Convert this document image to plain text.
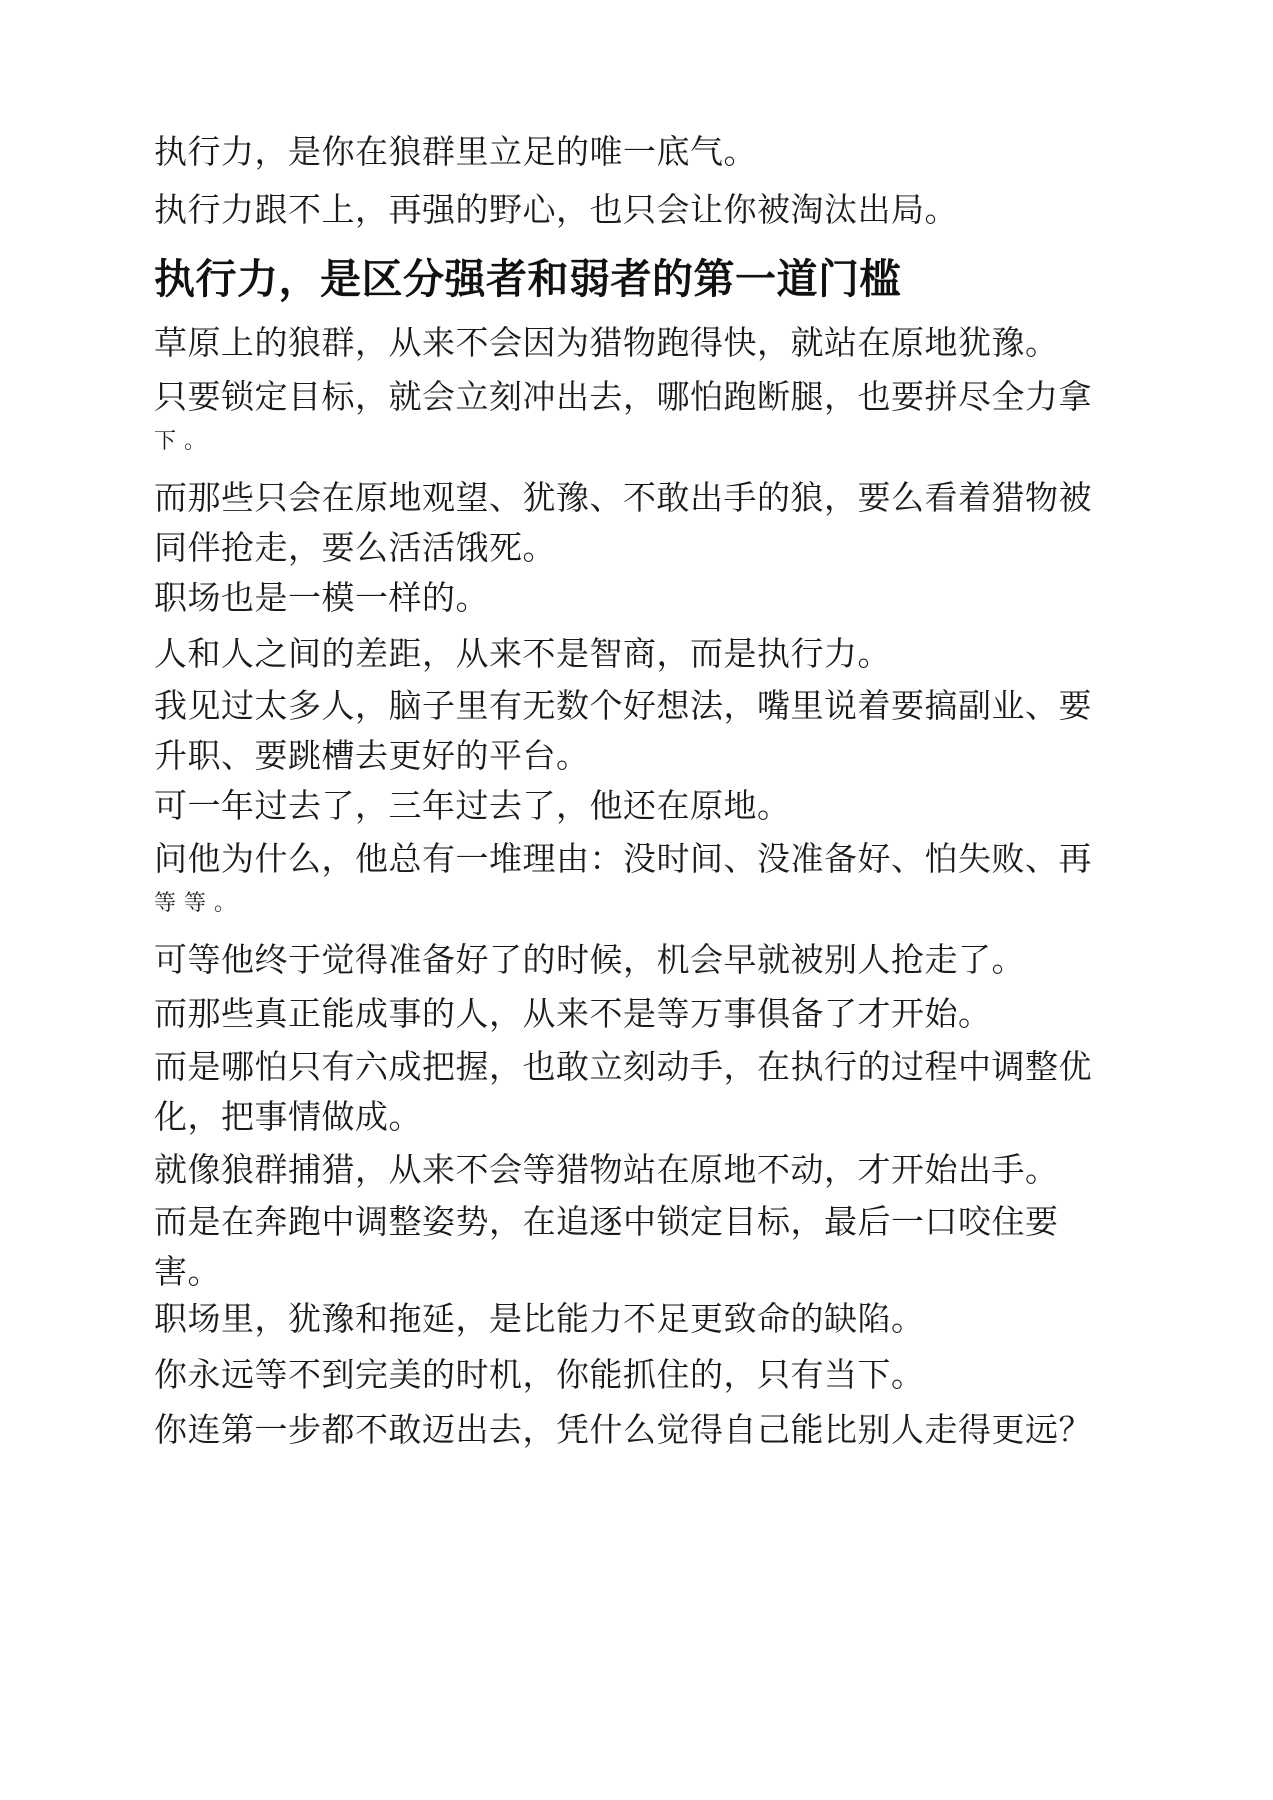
执行力，是你在狼群里立足的唯一底气。

执行力跟不上，再强的野心，也只会让你被淘汰出局。

执行力，是区分强者和弱者的第一道门槛

草原上的狼群，从来不会因为猎物跑得快，就站在原地犹豫。

只要锁定目标，就会立刻冲出去，哪怕跑断腿，也要拼尽全力拿
下 。

而那些只会在原地观望、犹豫、不敢出手的狼，要么看着猎物被
同伴抢走，要么活活饿死。

职场也是一模一样的。

人和人之间的差距，从来不是智商，而是执行力。

我见过太多人，脑子里有无数个好想法，嘴里说着要搞副业、要
升职、要跳槽去更好的平台。

可一年过去了，三年过去了，他还在原地。

问他为什么，他总有一堆理由：没时间、没准备好、怕失败、再
等 等 。

可等他终于觉得准备好了的时候，机会早就被别人抢走了。

而那些真正能成事的人，从来不是等万事俱备了才开始。

而是哪怕只有六成把握，也敢立刻动手，在执行的过程中调整优
化，把事情做成。

就像狼群捕猎，从来不会等猎物站在原地不动，才开始出手。

而是在奔跑中调整姿势，在追逐中锁定目标，最后一口咬住要
害。

职场里，犹豫和拖延，是比能力不足更致命的缺陷。

你永远等不到完美的时机，你能抓住的，只有当下。

你连第一步都不敢迈出去，凭什么觉得自己能比别人走得更远？
